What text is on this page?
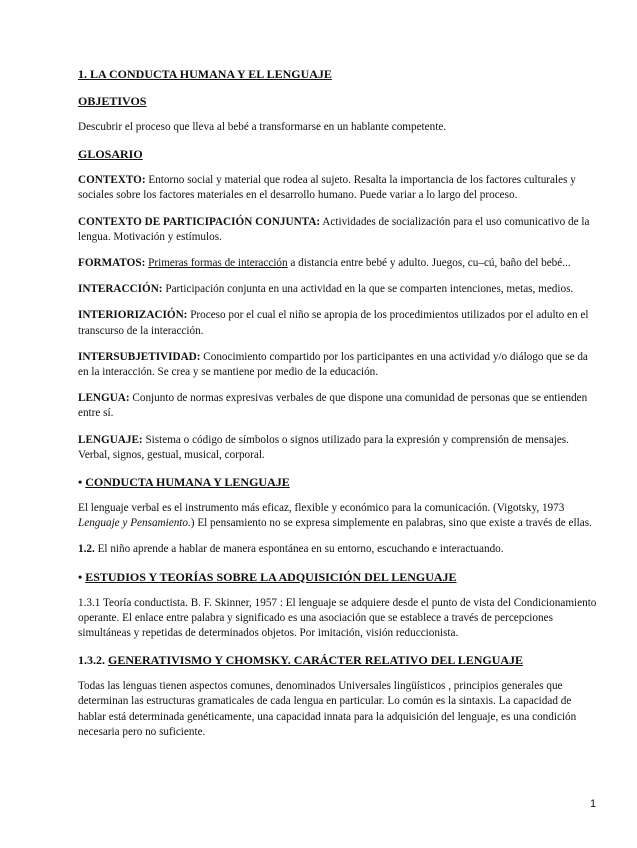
1. LA CONDUCTA HUMANA Y EL LENGUAJE
OBJETIVOS

Descubrir el proceso que lleva al bebé a transformarse en un hablante competente.

GLOSARIO

CONTEXTO: Entorno social y material que rodea al sujeto. Resalta la importancia de los factores culturales y sociales sobre los factores materiales en el desarrollo humano. Puede variar a lo largo del proceso.

CONTEXTO DE PARTICIPACIÓN CONJUNTA: Actividades de socialización para el uso comunicativo de la lengua. Motivación y estímulos.

FORMATOS: Primeras formas de interacción a distancia entre bebé y adulto. Juegos, cu–cú, baño del bebé...

INTERACCIÓN: Participación conjunta en una actividad en la que se comparten intenciones, metas, medios.

INTERIORIZACIÓN: Proceso por el cual el niño se apropia de los procedimientos utilizados por el adulto en el transcurso de la interacción.

INTERSUBJETIVIDAD: Conocimiento compartido por los participantes en una actividad y/o diálogo que se da en la interacción. Se crea y se mantiene por medio de la educación.

LENGUA: Conjunto de normas expresivas verbales de que dispone una comunidad de personas que se entienden entre sí.

LENGUAJE: Sistema o código de símbolos o signos utilizado para la expresión y comprensión de mensajes. Verbal, signos, gestual, musical, corporal.

• CONDUCTA HUMANA Y LENGUAJE

El lenguaje verbal es el instrumento más eficaz, flexible y económico para la comunicación. (Vigotsky, 1973 Lenguaje y Pensamiento.) El pensamiento no se expresa simplemente en palabras, sino que existe a través de ellas.

1.2. El niño aprende a hablar de manera espontánea en su entorno, escuchando e interactuando.

• ESTUDIOS Y TEORÍAS SOBRE LA ADQUISICIÓN DEL LENGUAJE

1.3.1 Teoría conductista. B. F. Skinner, 1957 : El lenguaje se adquiere desde el punto de vista del Condicionamiento operante. El enlace entre palabra y significado es una asociación que se establece a través de percepciones simultáneas y repetidas de determinados objetos. Por imitación, visión reduccionista.

1.3.2. GENERATIVISMO Y CHOMSKY. CARÁCTER RELATIVO DEL LENGUAJE

Todas las lenguas tienen aspectos comunes, denominados Universales lingüísticos , principios generales que determinan las estructuras gramaticales de cada lengua en particular. Lo común es la sintaxis. La capacidad de hablar está determinada genéticamente, una capacidad innata para la adquisición del lenguaje, es una condición necesaria pero no suficiente.

1
